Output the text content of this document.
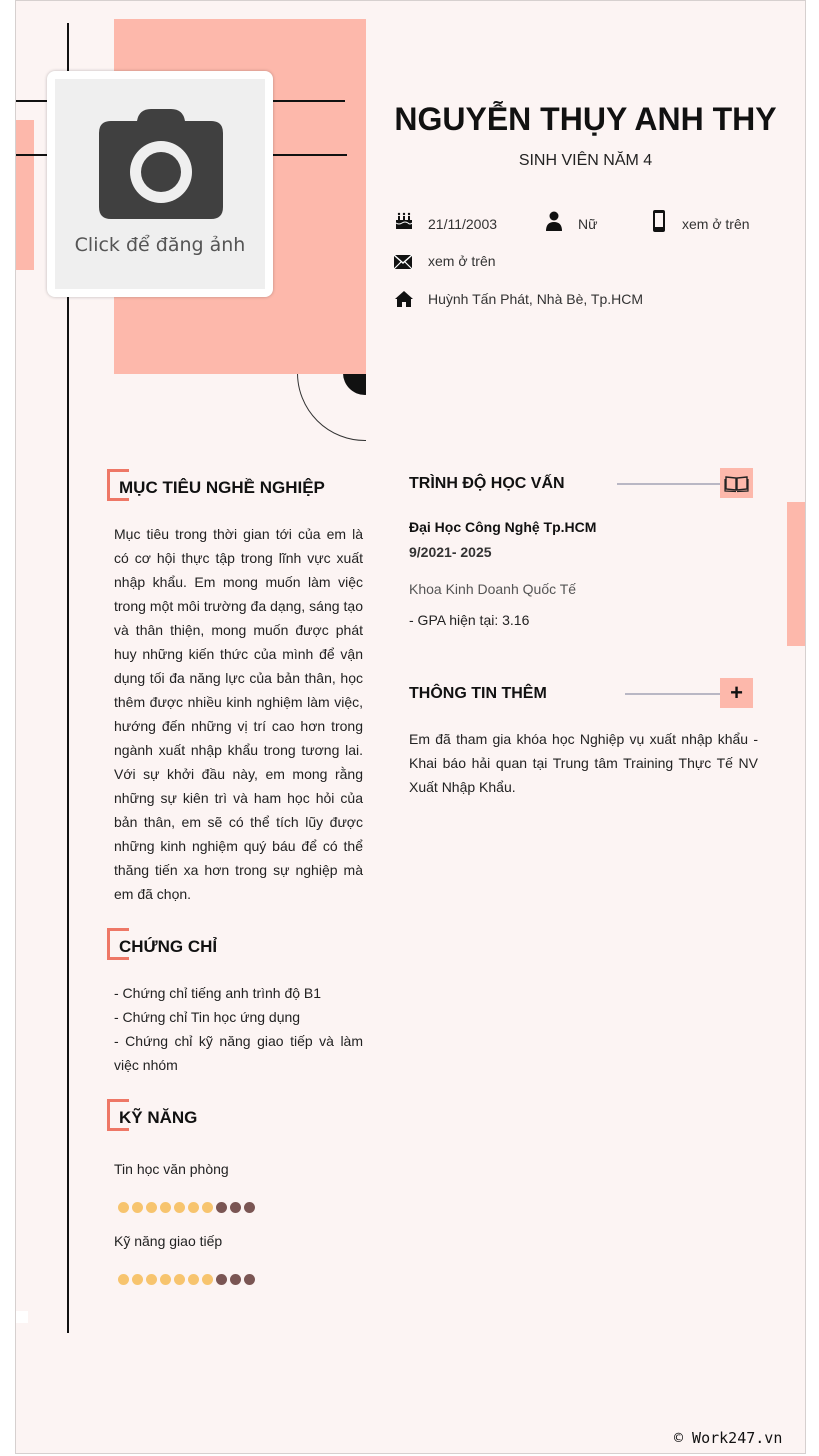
Click để đăng ảnh
NGUYỄN THỤY ANH THY
SINH VIÊN NĂM 4
21/11/2003	Nữ	xem ở trên
xem ở trên
Huỳnh Tấn Phát, Nhà Bè, Tp.HCM
MỤC TIÊU NGHỀ NGHIỆP
Mục tiêu trong thời gian tới của em là có cơ hội thực tập trong lĩnh vực xuất nhập khẩu. Em mong muốn làm việc trong một môi trường đa dạng, sáng tạo và thân thiện, mong muốn được phát huy những kiến thức của mình để vận dụng tối đa năng lực của bản thân, học thêm được nhiều kinh nghiệm làm việc, hướng đến những vị trí cao hơn trong ngành xuất nhập khẩu trong tương lai. Với sự khởi đầu này, em mong rằng những sự kiên trì và ham học hỏi của bản thân, em sẽ có thể tích lũy được những kinh nghiệm quý báu để có thể thăng tiến xa hơn trong sự nghiệp mà em đã chọn.
CHỨNG CHỈ
- Chứng chỉ tiếng anh trình độ B1
- Chứng chỉ Tin học ứng dụng
- Chứng chỉ kỹ năng giao tiếp và làm việc nhóm
KỸ NĂNG
Tin học văn phòng
Kỹ năng giao tiếp
TRÌNH ĐỘ HỌC VẤN
Đại Học Công Nghệ Tp.HCM
9/2021- 2025
Khoa Kinh Doanh Quốc Tế
- GPA hiện tại: 3.16
THÔNG TIN THÊM	+
Em đã tham gia khóa học Nghiệp vụ xuất nhập khẩu - Khai báo hải quan tại Trung tâm Training Thực Tế NV Xuất Nhập Khẩu.
© Work247.vn
